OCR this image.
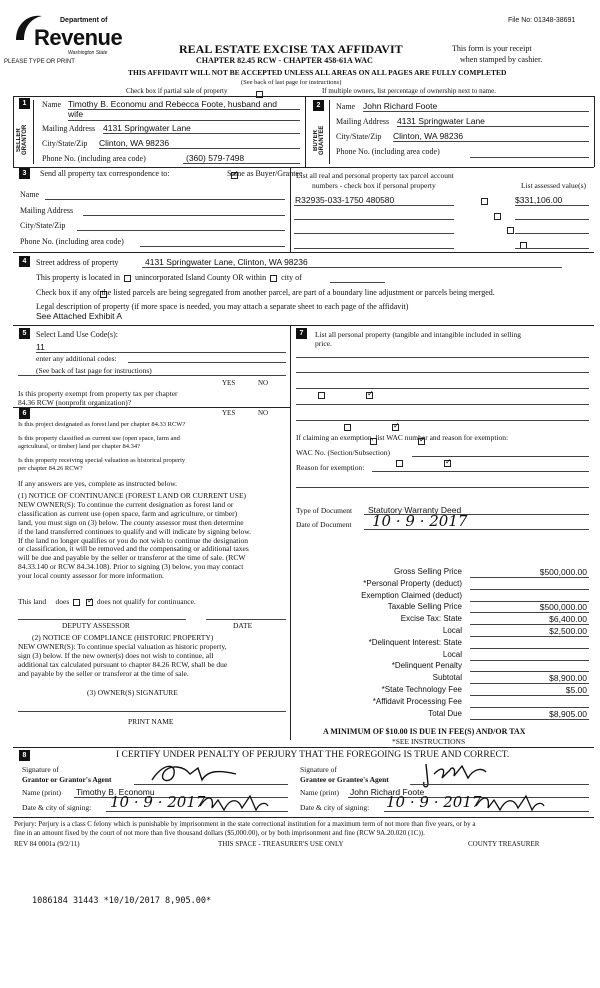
Department of
Revenue
Washington State
PLEASE TYPE OR PRINT
File No: 01348-38691
REAL ESTATE EXCISE TAX AFFIDAVIT
CHAPTER 82.45 RCW - CHAPTER 458-61A WAC
This form is your receipt
when stamped by cashier.
THIS AFFIDAVIT WILL NOT BE ACCEPTED UNLESS ALL AREAS ON ALL PAGES ARE FULLY COMPLETED
(See back of last page for instructions)
Check box if partial sale of property
	If multiple owners, list percentage of ownership next to name.
1
SELLER GRANTOR
Name Timothy B. Economu and Rebecca Foote, husband and
wife
Mailing Address 4131 Springwater Lane
City/State/Zip Clinton, WA 98236
Phone No. (including area code)	(360) 579-7498
2
BUYER GRANTEE
Name John Richard Foote
Mailing Address 4131 Springwater Lane
City/State/Zip Clinton, WA 98236
Phone No. (including area code)
3	Send all property tax correspondence to: ✓	Same as Buyer/Grantee
Name
Mailing Address
City/State/Zip
Phone No. (including area code)
List all real and personal property tax parcel account
numbers - check box if personal property	List assessed value(s)
R32935-033-1750 480580
	$331,106.00

4	Street address of property	4131 Springwater Lane, Clinton, WA 98236
This property is located in unincorporated Island County OR within city of

Check box if any of the listed parcels are being segregated from another parcel, are part of a boundary line adjustment or parcels being merged.
Legal description of property (if more space is needed, you may attach a separate sheet to each page of the affidavit)
See Attached Exhibit A
5	Select Land Use Code(s):
11
enter any additional codes:
(See back of last page for instructions)
YES	NO
Is this property exempt from property tax per chapter
84.36 RCW (nonprofit organization)?
✓
6	YES	NO
Is this project designated as forest land per chapter 84.33 RCW?
✓
Is this property classified as current use (open space, farm and
agricultural, or timber) land per chapter 84.34?
✓
Is this property receiving special valuation as historical property
per chapter 84.26 RCW?
✓
If any answers are yes, complete as instructed below.
(1) NOTICE OF CONTINUANCE (FOREST LAND OR CURRENT USE)
NEW OWNER(S): To continue the current designation as forest land or
classification as current use (open space, farm and agriculture, or timber)
land, you must sign on (3) below. The county assessor must then determine
if the land transferred continues to qualify and will indicate by signing below.
If the land no longer qualifies or you do not wish to continue the designation
or classification, it will be removed and the compensating or additional taxes
will be due and payable by the seller or transferor at the time of sale. (RCW
84.33.140 or RCW 84.34.108). Prior to signing (3) below, you may contact
your local county assessor for more information.
This land does ✓	does not qualify for continuance.
DEPUTY ASSESSOR	DATE
(2) NOTICE OF COMPLIANCE (HISTORIC PROPERTY)
NEW OWNER(S): To continue special valuation as historic property,
sign (3) below. If the new owner(s) does not wish to continue, all
additional tax calculated pursuant to chapter 84.26 RCW, shall be due
and payable by the seller or transferor at the time of sale.
(3) OWNER(S) SIGNATURE
PRINT NAME
7	List all personal property (tangible and intangible included in selling
price.
If claiming an exemption, list WAC number and reason for exemption:
WAC No. (Section/Subsection)
Reason for exemption:
Type of Document Statutory Warranty Deed
Date of Document 10 · 9 · 2017
Gross Selling Price	$500,000.00
*Personal Property (deduct)
Exemption Claimed (deduct)
Taxable Selling Price	$500,000.00
Excise Tax: State	$6,400.00
Local	$2,500.00
*Delinquent Interest: State
Local
*Delinquent Penalty
Subtotal	$8,900.00
*State Technology Fee	$5.00
*Affidavit Processing Fee
Total Due	$8,905.00
A MINIMUM OF $10.00 IS DUE IN FEE(S) AND/OR TAX
*SEE INSTRUCTIONS
8	I CERTIFY UNDER PENALTY OF PERJURY THAT THE FOREGOING IS TRUE AND CORRECT.
Signature of
Grantor or Grantor's Agent
Name (print) Timothy B. Economu
Date & city of signing: 10 · 9 · 2017
Signature of
Grantee or Grantee's Agent
Name (print) John Richard Foote
Date & city of signing: 10 · 9 · 2017
Perjury: Perjury is a class C felony which is punishable by imprisonment in the state correctional institution for a maximum term of not more than five years, or by a
fine in an amount fixed by the court of not more than five thousand dollars ($5,000.00), or by both imprisonment and fine (RCW 9A.20.020 (1C)).
REV 84 0001a (9/2/11)	THIS SPACE - TREASURER'S USE ONLY	COUNTY TREASURER
1086184 31443 *10/10/2017 8,905.00*
